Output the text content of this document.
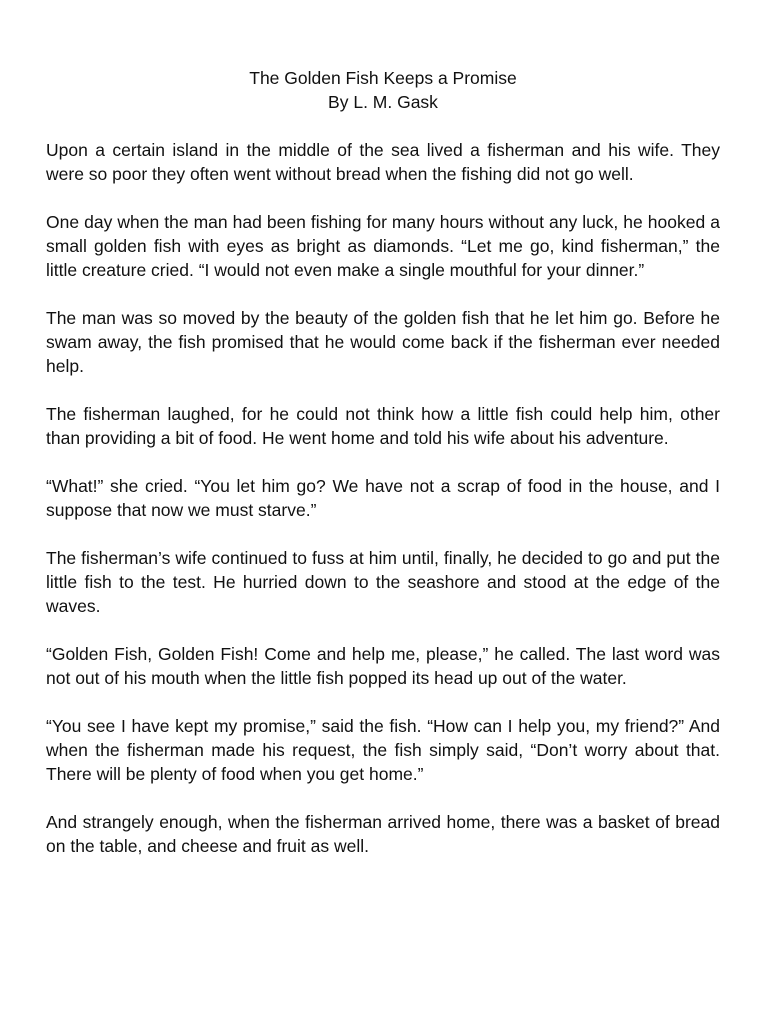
The Golden Fish Keeps a Promise
By L. M. Gask

Upon a certain island in the middle of the sea lived a fisherman and his wife. They were so poor they often went without bread when the fishing did not go well.

One day when the man had been fishing for many hours without any luck, he hooked a small golden fish with eyes as bright as diamonds. “Let me go, kind fisherman,” the little creature cried. “I would not even make a single mouthful for your dinner.”

The man was so moved by the beauty of the golden fish that he let him go. Before he swam away, the fish promised that he would come back if the fisherman ever needed help.

The fisherman laughed, for he could not think how a little fish could help him, other than providing a bit of food. He went home and told his wife about his adventure.

“What!” she cried. “You let him go? We have not a scrap of food in the house, and I suppose that now we must starve.”

The fisherman’s wife continued to fuss at him until, finally, he decided to go and put the little fish to the test. He hurried down to the seashore and stood at the edge of the waves.

“Golden Fish, Golden Fish! Come and help me, please,” he called. The last word was not out of his mouth when the little fish popped its head up out of the water.

“You see I have kept my promise,” said the fish. “How can I help you, my friend?” And when the fisherman made his request, the fish simply said, “Don’t worry about that. There will be plenty of food when you get home.”

And strangely enough, when the fisherman arrived home, there was a basket of bread on the table, and cheese and fruit as well.
